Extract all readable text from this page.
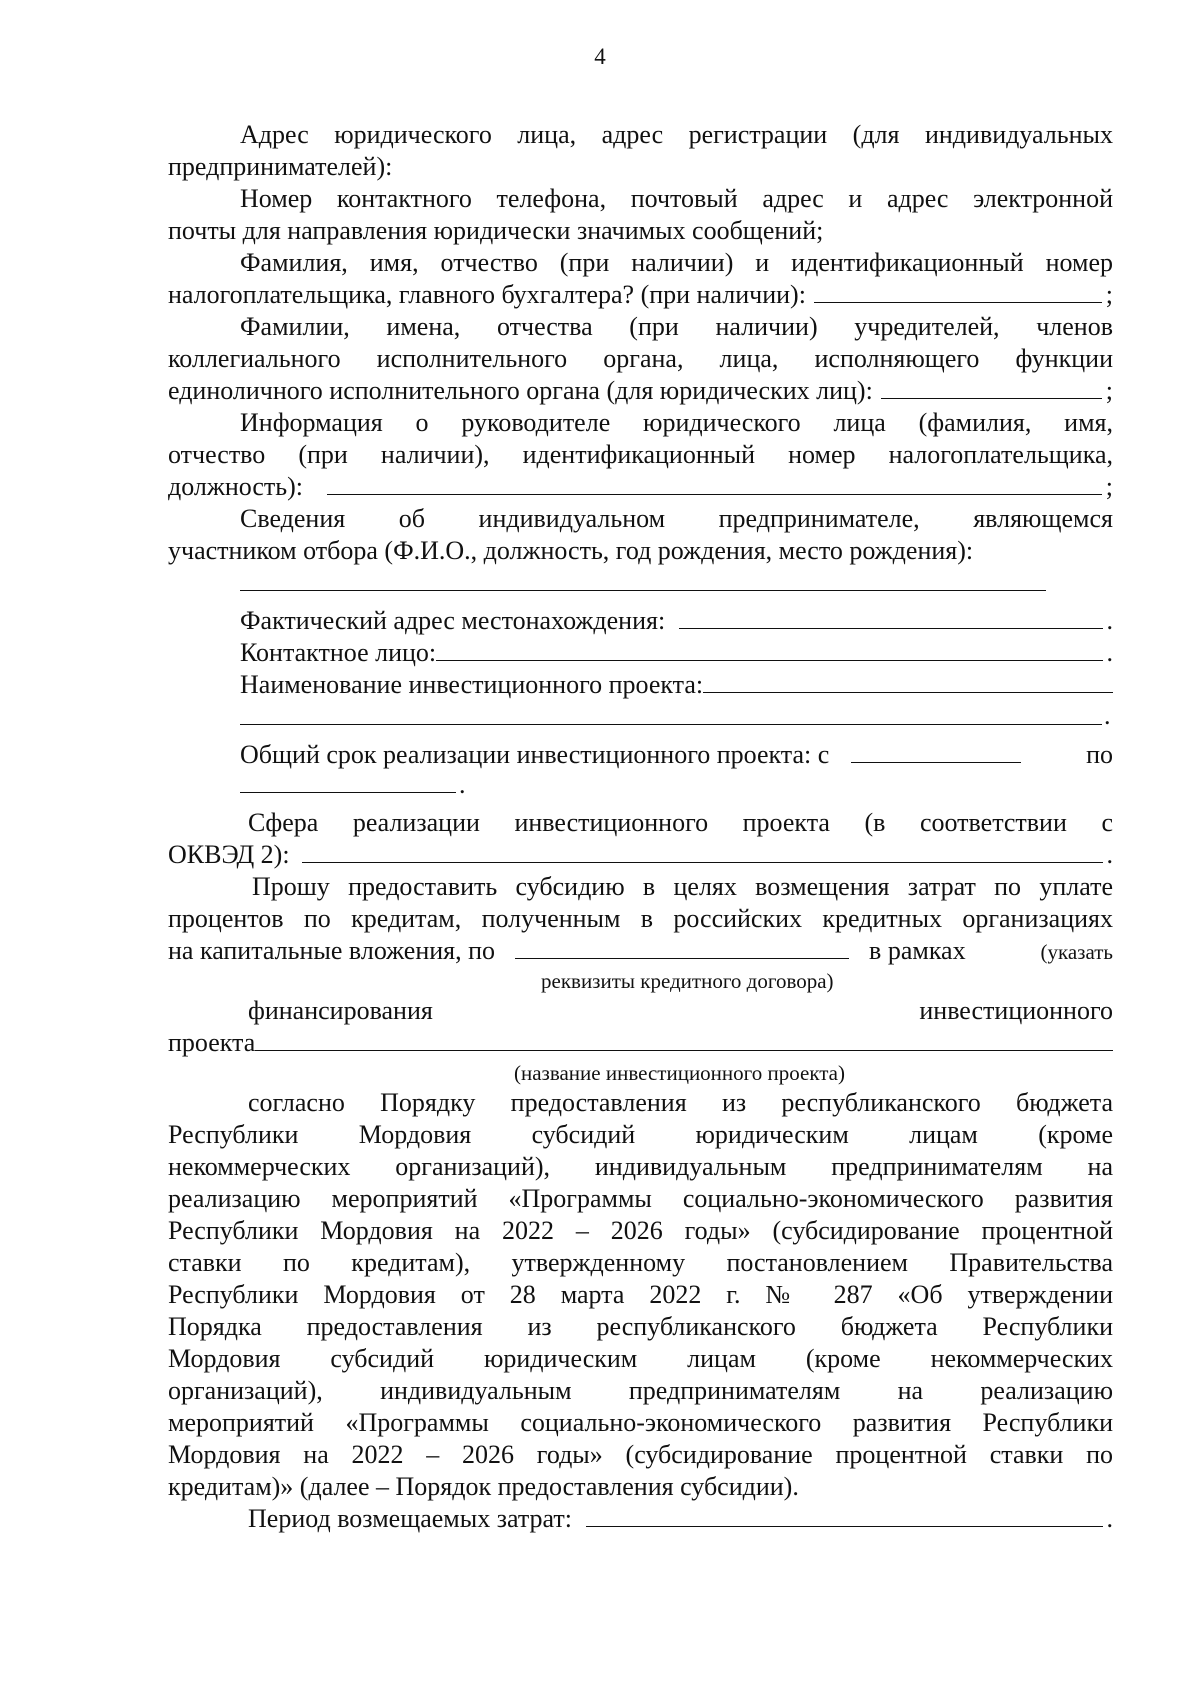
4
Адрес юридического лица, адрес регистрации (для индивидуальных
предпринимателей):
Номер контактного телефона, почтовый адрес и адрес электронной
почты для направления юридически значимых сообщений;
Фамилия, имя, отчество (при наличии) и идентификационный номер
налогоплательщика, главного бухгалтера? (при наличии):	;
Фамилии, имена, отчества (при наличии) учредителей, членов
коллегиального исполнительного органа, лица, исполняющего функции
единоличного исполнительного органа (для юридических лиц):	;
Информация о руководителе юридического лица (фамилия, имя,
отчество (при наличии), идентификационный номер налогоплательщика,
должность):	;
Сведения об индивидуальном предпринимателе, являющемся
участником отбора (Ф.И.О., должность, год рождения, место рождения):
Фактический адрес местонахождения:	.
Контактное лицо:	.
Наименование инвестиционного проекта:
.
Общий срок реализации инвестиционного проекта: с	по
.
Сфера реализации инвестиционного проекта (в соответствии с
ОКВЭД 2):	.
Прошу предоставить субсидию в целях возмещения затрат по уплате
процентов по кредитам, полученным в российских кредитных организациях
на капитальные вложения, по	в рамках	(указать
реквизиты кредитного договора)
финансирования	инвестиционного
проекта
(название инвестиционного проекта)
согласно Порядку предоставления из республиканского бюджета
Республики Мордовия субсидий юридическим лицам (кроме
некоммерческих организаций), индивидуальным предпринимателям на
реализацию мероприятий «Программы социально-экономического развития
Республики Мордовия на 2022 – 2026 годы» (субсидирование процентной
ставки по кредитам), утвержденному постановлением Правительства
Республики Мордовия от 28 марта 2022 г. № 287 «Об утверждении
Порядка предоставления из республиканского бюджета Республики
Мордовия субсидий юридическим лицам (кроме некоммерческих
организаций), индивидуальным предпринимателям на реализацию
мероприятий «Программы социально-экономического развития Республики
Мордовия на 2022 – 2026 годы» (субсидирование процентной ставки по
кредитам)» (далее – Порядок предоставления субсидии).
Период возмещаемых затрат:	.
